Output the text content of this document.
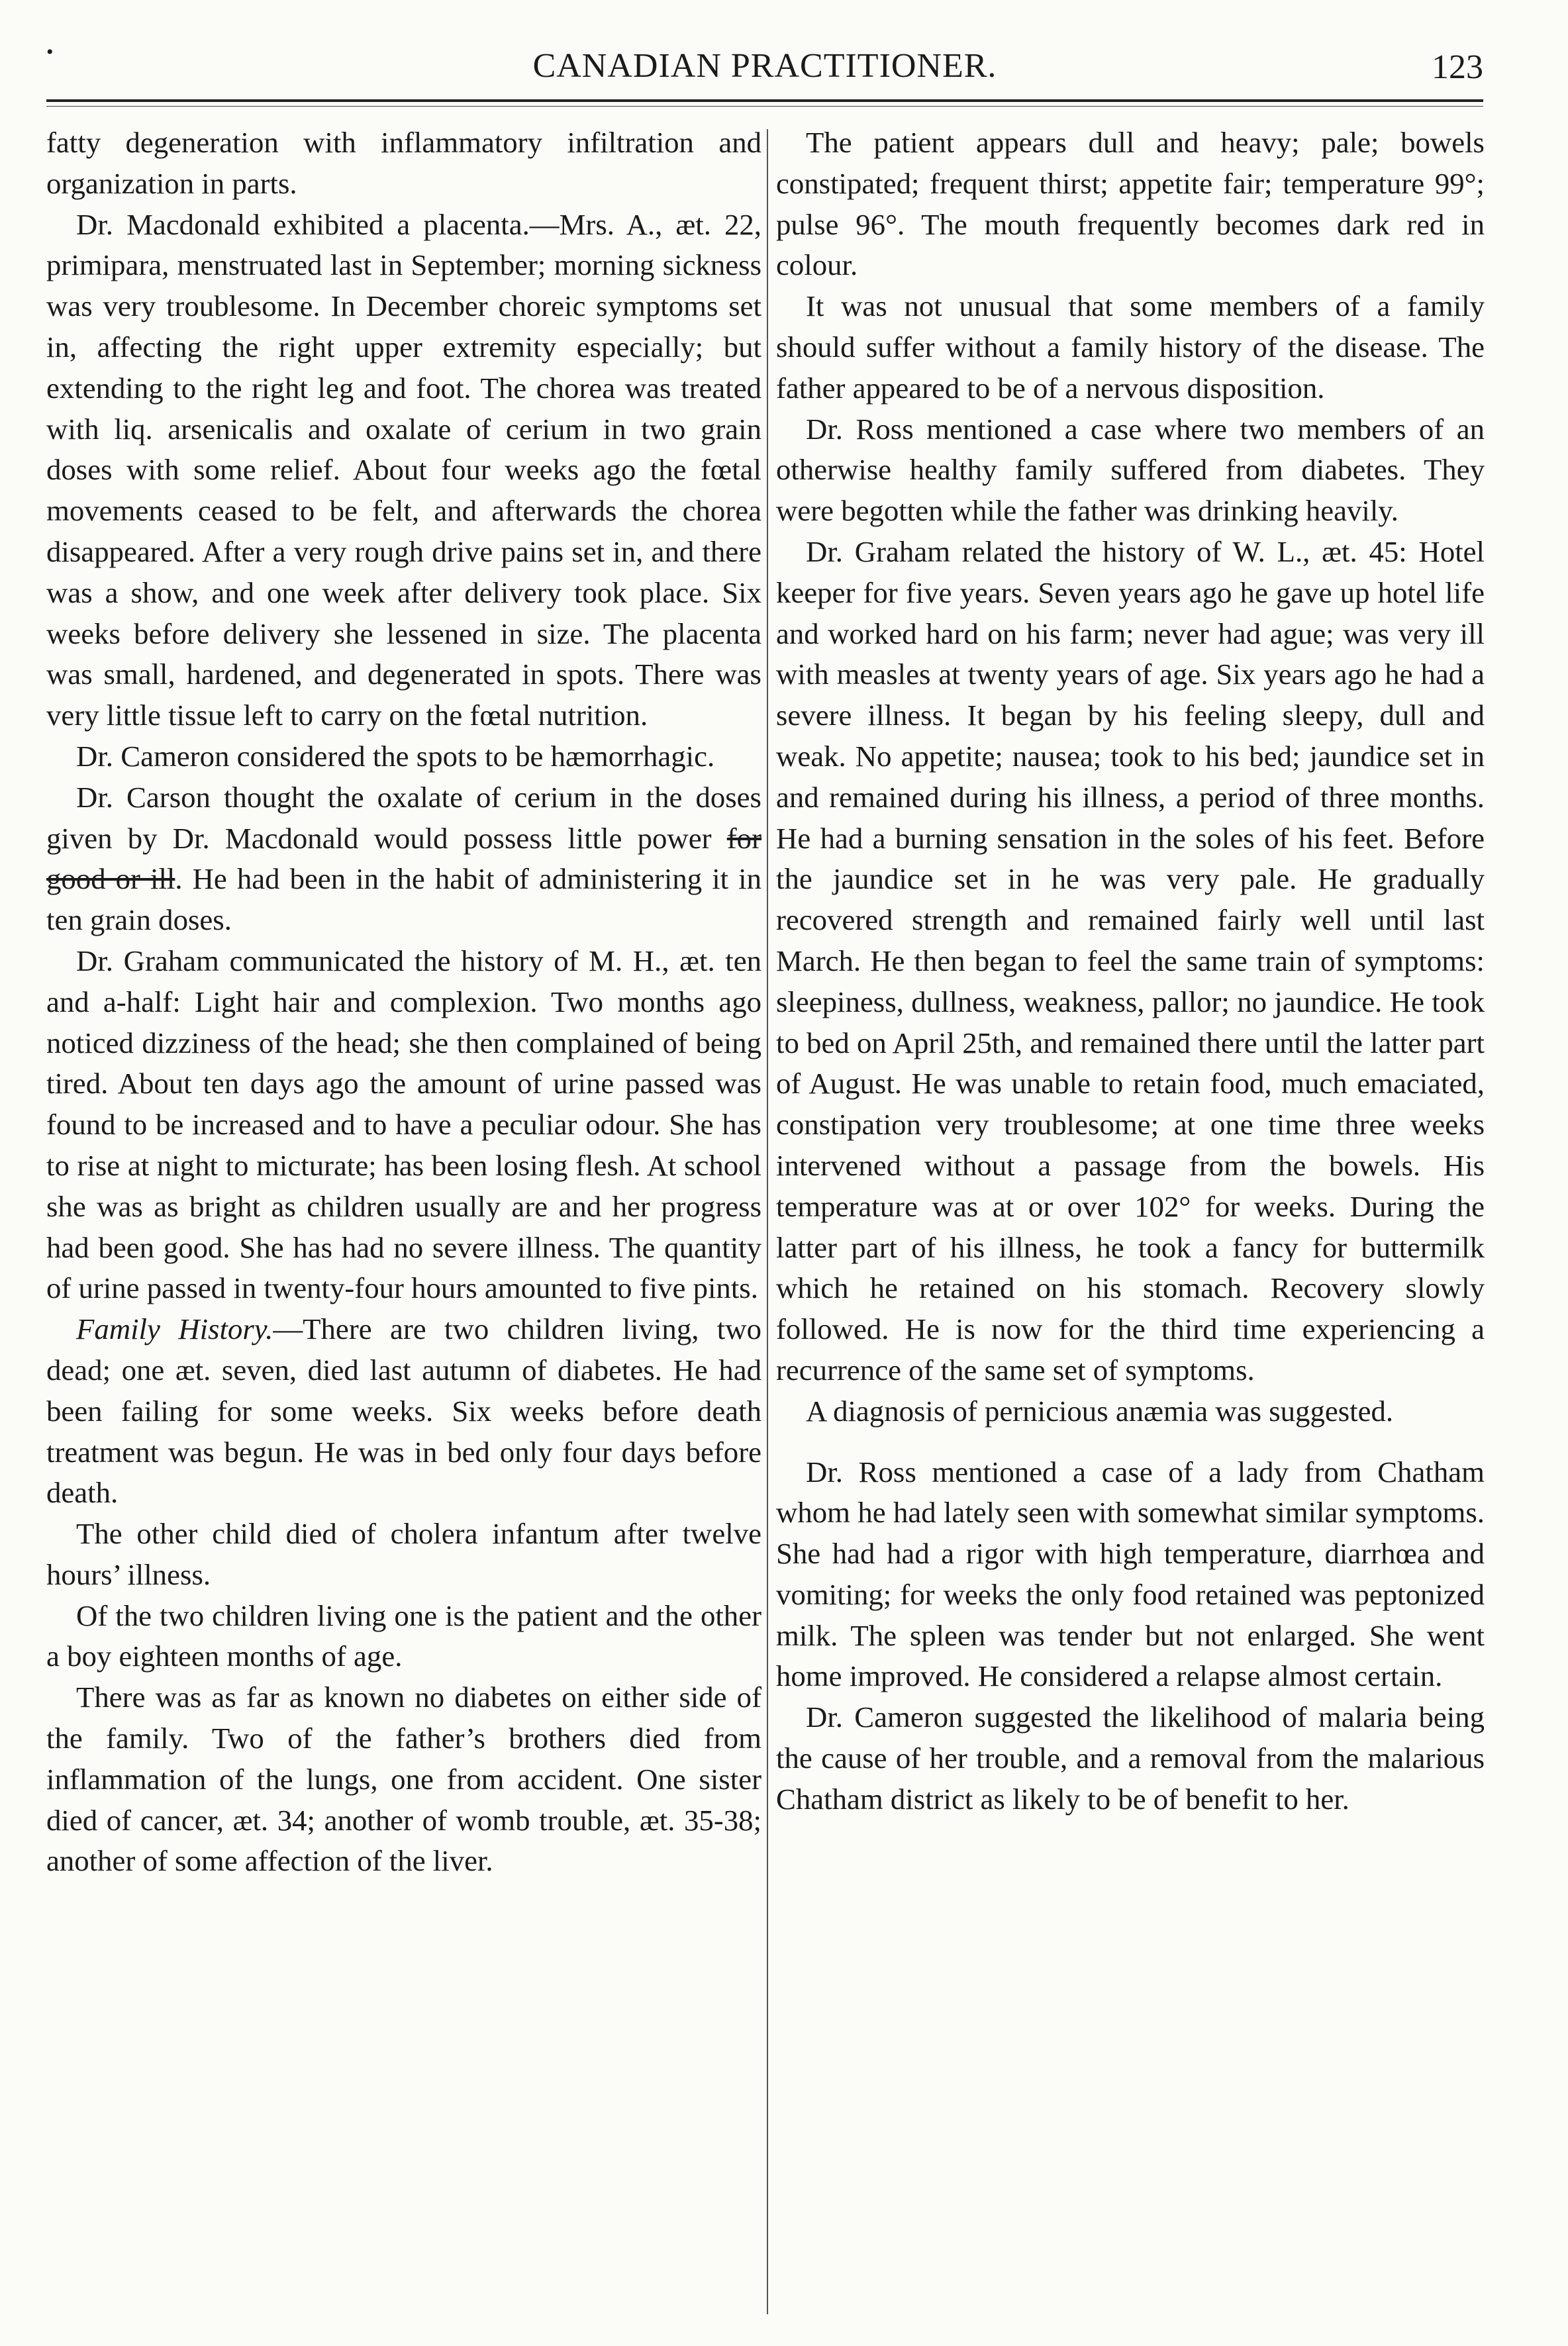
•	CANADIAN PRACTITIONER.	123

fatty degeneration with inflammatory infiltration and organization in parts.

Dr. Macdonald exhibited a placenta.—Mrs. A., æt. 22, primipara, menstruated last in September; morning sickness was very troublesome. In December choreic symptoms set in, affecting the right upper extremity especially; but extending to the right leg and foot. The chorea was treated with liq. arsenicalis and oxalate of cerium in two grain doses with some relief. About four weeks ago the fœtal movements ceased to be felt, and afterwards the chorea disappeared. After a very rough drive pains set in, and there was a show, and one week after delivery took place. Six weeks before delivery she lessened in size. The placenta was small, hardened, and degenerated in spots. There was very little tissue left to carry on the fœtal nutrition.

Dr. Cameron considered the spots to be hæmorrhagic.

Dr. Carson thought the oxalate of cerium in the doses given by Dr. Macdonald would possess little power for good or ill. He had been in the habit of administering it in ten grain doses.

Dr. Graham communicated the history of M. H., æt. ten and a-half: Light hair and complexion. Two months ago noticed dizziness of the head; she then complained of being tired. About ten days ago the amount of urine passed was found to be increased and to have a peculiar odour. She has to rise at night to micturate; has been losing flesh. At school she was as bright as children usually are and her progress had been good. She has had no severe illness. The quantity of urine passed in twenty-four hours amounted to five pints.

Family History.—There are two children living, two dead; one æt. seven, died last autumn of diabetes. He had been failing for some weeks. Six weeks before death treatment was begun. He was in bed only four days before death.

The other child died of cholera infantum after twelve hours’ illness.

Of the two children living one is the patient and the other a boy eighteen months of age.

There was as far as known no diabetes on either side of the family. Two of the father’s brothers died from inflammation of the lungs, one from accident. One sister died of cancer, æt. 34; another of womb trouble, æt. 35-38; another of some affection of the liver.

The patient appears dull and heavy; pale; bowels constipated; frequent thirst; appetite fair; temperature 99°; pulse 96°. The mouth frequently becomes dark red in colour.

It was not unusual that some members of a family should suffer without a family history of the disease. The father appeared to be of a nervous disposition.

Dr. Ross mentioned a case where two members of an otherwise healthy family suffered from diabetes. They were begotten while the father was drinking heavily.

Dr. Graham related the history of W. L., æt. 45: Hotel keeper for five years. Seven years ago he gave up hotel life and worked hard on his farm; never had ague; was very ill with measles at twenty years of age. Six years ago he had a severe illness. It began by his feeling sleepy, dull and weak. No appetite; nausea; took to his bed; jaundice set in and remained during his illness, a period of three months. He had a burning sensation in the soles of his feet. Before the jaundice set in he was very pale. He gradually recovered strength and remained fairly well until last March. He then began to feel the same train of symptoms: sleepiness, dullness, weakness, pallor; no jaundice. He took to bed on April 25th, and remained there until the latter part of August. He was unable to retain food, much emaciated, constipation very troublesome; at one time three weeks intervened without a passage from the bowels. His temperature was at or over 102° for weeks. During the latter part of his illness, he took a fancy for buttermilk which he retained on his stomach. Recovery slowly followed. He is now for the third time experiencing a recurrence of the same set of symptoms.

A diagnosis of pernicious anæmia was suggested.

Dr. Ross mentioned a case of a lady from Chatham whom he had lately seen with somewhat similar symptoms. She had had a rigor with high temperature, diarrhœa and vomiting; for weeks the only food retained was peptonized milk. The spleen was tender but not enlarged. She went home improved. He considered a relapse almost certain.

Dr. Cameron suggested the likelihood of malaria being the cause of her trouble, and a removal from the malarious Chatham district as likely to be of benefit to her.
